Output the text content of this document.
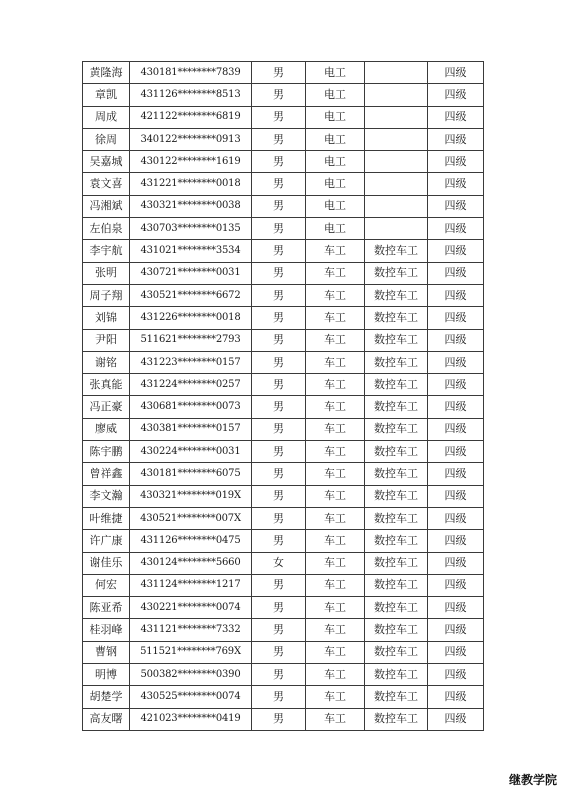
黄隆海	430181********7839	男	电工		四级
章凯	431126********8513	男	电工		四级
周成	421122********6819	男	电工		四级
徐周	340122********0913	男	电工		四级
吴嘉城	430122********1619	男	电工		四级
袁文喜	431221********0018	男	电工		四级
冯湘斌	430321********0038	男	电工		四级
左伯泉	430703********0135	男	电工		四级
李宇航	431021********3534	男	车工	数控车工	四级
张明	430721********0031	男	车工	数控车工	四级
周子翔	430521********6672	男	车工	数控车工	四级
刘锦	431226********0018	男	车工	数控车工	四级
尹阳	511621********2793	男	车工	数控车工	四级
谢铭	431223********0157	男	车工	数控车工	四级
张真能	431224********0257	男	车工	数控车工	四级
冯正豪	430681********0073	男	车工	数控车工	四级
廖威	430381********0157	男	车工	数控车工	四级
陈宇鹏	430224********0031	男	车工	数控车工	四级
曾祥鑫	430181********6075	男	车工	数控车工	四级
李文瀚	430321********019X	男	车工	数控车工	四级
叶维捷	430521********007X	男	车工	数控车工	四级
许广康	431126********0475	男	车工	数控车工	四级
谢佳乐	430124********5660	女	车工	数控车工	四级
何宏	431124********1217	男	车工	数控车工	四级
陈亚希	430221********0074	男	车工	数控车工	四级
桂羽峰	431121********7332	男	车工	数控车工	四级
曹钢	511521********769X	男	车工	数控车工	四级
明博	500382********0390	男	车工	数控车工	四级
胡楚学	430525********0074	男	车工	数控车工	四级
高友曙	421023********0419	男	车工	数控车工	四级
继教学院
